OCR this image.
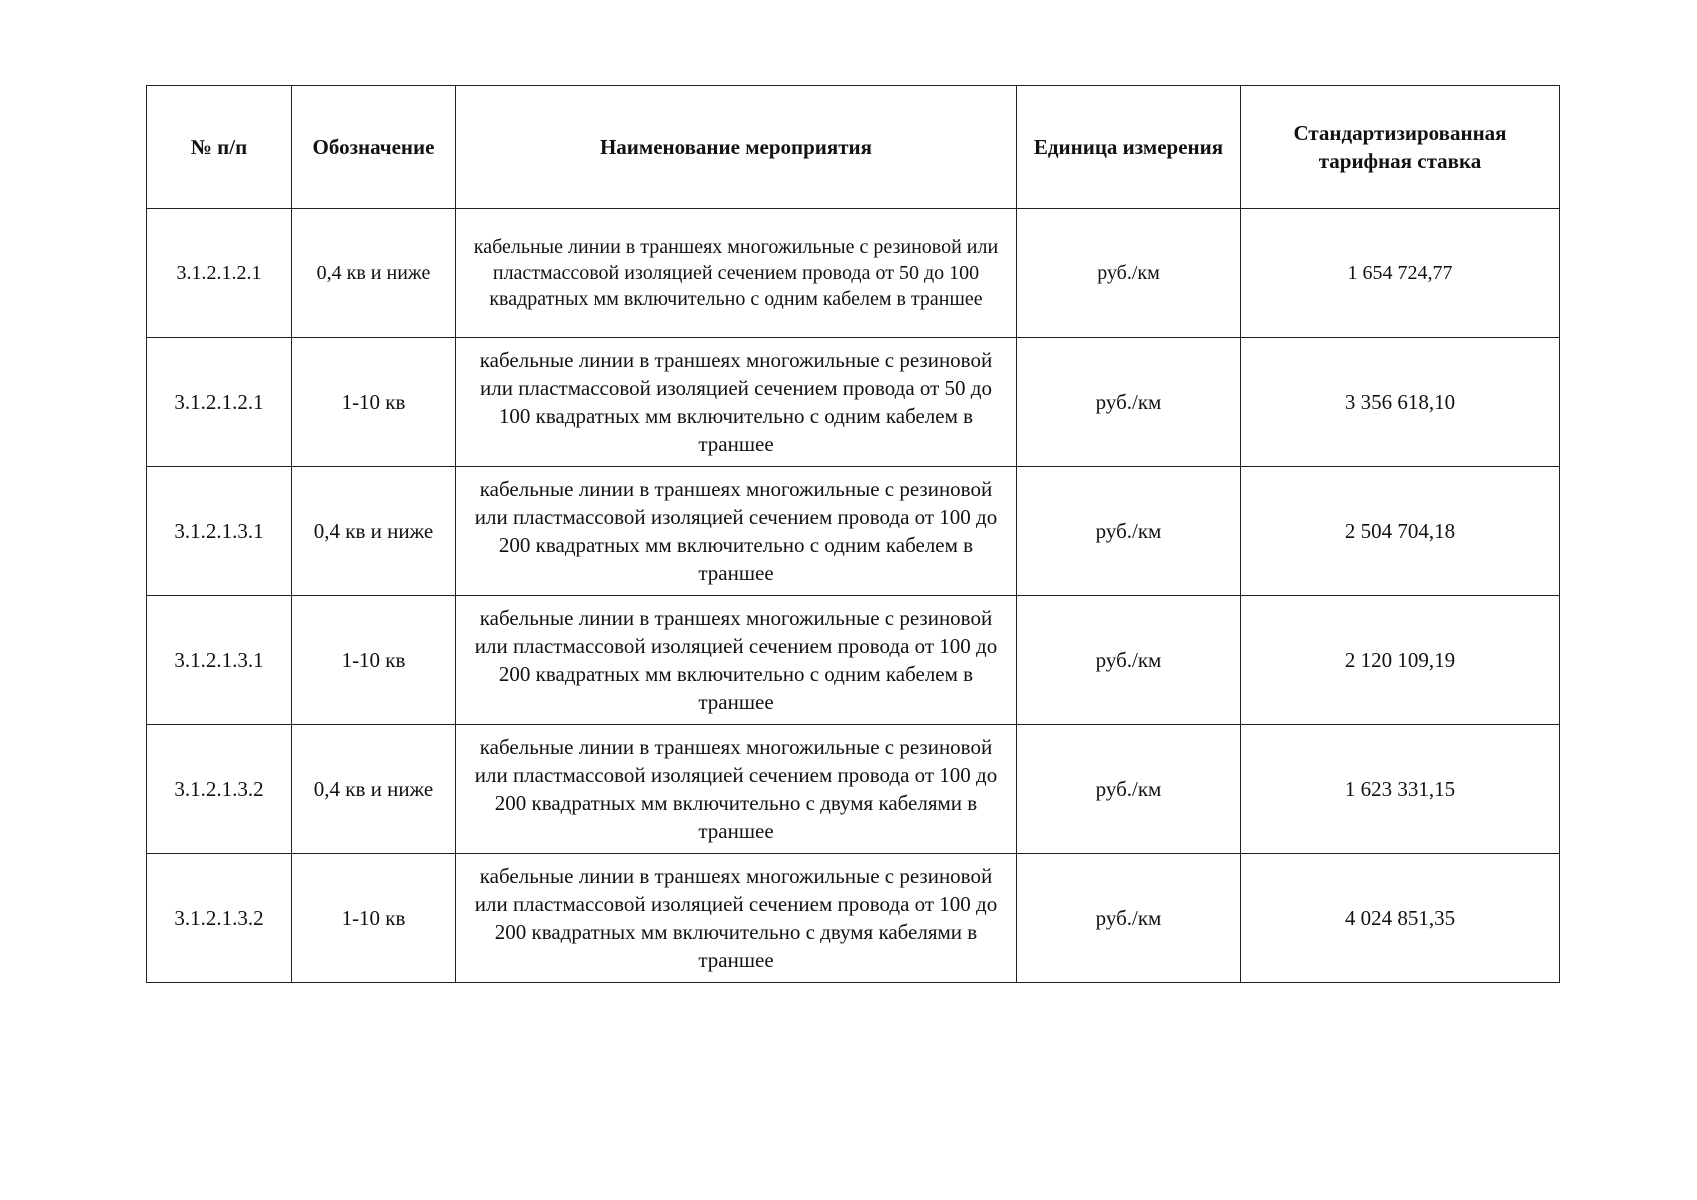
№ п/п	Обозначение	Наименование мероприятия	Единица измерения	Стандартизированная тарифная ставка
3.1.2.1.2.1	0,4 кв и ниже	кабельные линии в траншеях многожильные с резиновой или пластмассовой изоляцией сечением провода от 50 до 100 квадратных мм включительно с одним кабелем в траншее	руб./км	1 654 724,77
3.1.2.1.2.1	1-10 кв	кабельные линии в траншеях многожильные с резиновой или пластмассовой изоляцией сечением провода от 50 до 100 квадратных мм включительно с одним кабелем в траншее	руб./км	3 356 618,10
3.1.2.1.3.1	0,4 кв и ниже	кабельные линии в траншеях многожильные с резиновой или пластмассовой изоляцией сечением провода от 100 до 200 квадратных мм включительно с одним кабелем в траншее	руб./км	2 504 704,18
3.1.2.1.3.1	1-10 кв	кабельные линии в траншеях многожильные с резиновой или пластмассовой изоляцией сечением провода от 100 до 200 квадратных мм включительно с одним кабелем в траншее	руб./км	2 120 109,19
3.1.2.1.3.2	0,4 кв и ниже	кабельные линии в траншеях многожильные с резиновой или пластмассовой изоляцией сечением провода от 100 до 200 квадратных мм включительно с двумя кабелями в траншее	руб./км	1 623 331,15
3.1.2.1.3.2	1-10 кв	кабельные линии в траншеях многожильные с резиновой или пластмассовой изоляцией сечением провода от 100 до 200 квадратных мм включительно с двумя кабелями в траншее	руб./км	4 024 851,35
